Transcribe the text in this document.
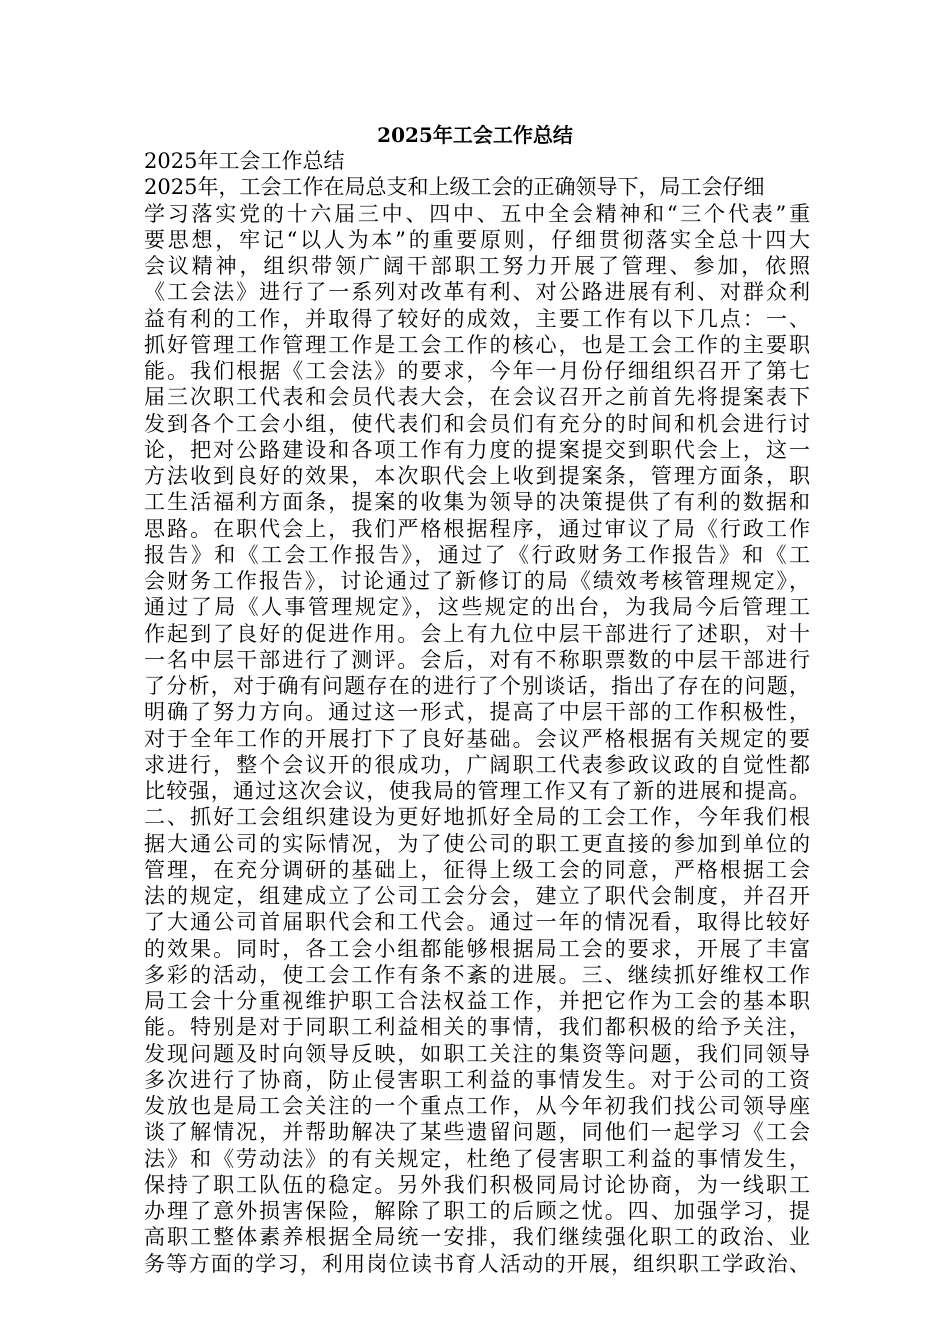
2025年工会工作总结
2025年工会工作总结
2025年，工会工作在局总支和上级工会的正确领导下，局工会仔细
学习落实党的十六届三中、四中、五中全会精神和“三个代表”重
要思想，牢记“以人为本”的重要原则，仔细贯彻落实全总十四大
会议精神，组织带领广阔干部职工努力开展了管理、参加，依照
《工会法》进行了一系列对改革有利、对公路进展有利、对群众利
益有利的工作，并取得了较好的成效，主要工作有以下几点：一、
抓好管理工作管理工作是工会工作的核心，也是工会工作的主要职
能。我们根据《工会法》的要求，今年一月份仔细组织召开了第七
届三次职工代表和会员代表大会，在会议召开之前首先将提案表下
发到各个工会小组，使代表们和会员们有充分的时间和机会进行讨
论，把对公路建设和各项工作有力度的提案提交到职代会上，这一
方法收到良好的效果，本次职代会上收到提案条，管理方面条，职
工生活福利方面条，提案的收集为领导的决策提供了有利的数据和
思路。在职代会上，我们严格根据程序，通过审议了局《行政工作
报告》和《工会工作报告》，通过了《行政财务工作报告》和《工
会财务工作报告》，讨论通过了新修订的局《绩效考核管理规定》，
通过了局《人事管理规定》，这些规定的出台，为我局今后管理工
作起到了良好的促进作用。会上有九位中层干部进行了述职，对十
一名中层干部进行了测评。会后，对有不称职票数的中层干部进行
了分析，对于确有问题存在的进行了个别谈话，指出了存在的问题，
明确了努力方向。通过这一形式，提高了中层干部的工作积极性，
对于全年工作的开展打下了良好基础。会议严格根据有关规定的要
求进行，整个会议开的很成功，广阔职工代表参政议政的自觉性都
比较强，通过这次会议，使我局的管理工作又有了新的进展和提高。
二、抓好工会组织建设为更好地抓好全局的工会工作，今年我们根
据大通公司的实际情况，为了使公司的职工更直接的参加到单位的
管理，在充分调研的基础上，征得上级工会的同意，严格根据工会
法的规定，组建成立了公司工会分会，建立了职代会制度，并召开
了大通公司首届职代会和工代会。通过一年的情况看，取得比较好
的效果。同时，各工会小组都能够根据局工会的要求，开展了丰富
多彩的活动，使工会工作有条不紊的进展。三、继续抓好维权工作
局工会十分重视维护职工合法权益工作，并把它作为工会的基本职
能。特别是对于同职工利益相关的事情，我们都积极的给予关注，
发现问题及时向领导反映，如职工关注的集资等问题，我们同领导
多次进行了协商，防止侵害职工利益的事情发生。对于公司的工资
发放也是局工会关注的一个重点工作，从今年初我们找公司领导座
谈了解情况，并帮助解决了某些遗留问题，同他们一起学习《工会
法》和《劳动法》的有关规定，杜绝了侵害职工利益的事情发生，
保持了职工队伍的稳定。另外我们积极同局讨论协商，为一线职工
办理了意外损害保险，解除了职工的后顾之忧。四、加强学习，提
高职工整体素养根据全局统一安排，我们继续强化职工的政治、业
务等方面的学习，利用岗位读书育人活动的开展，组织职工学政治、
